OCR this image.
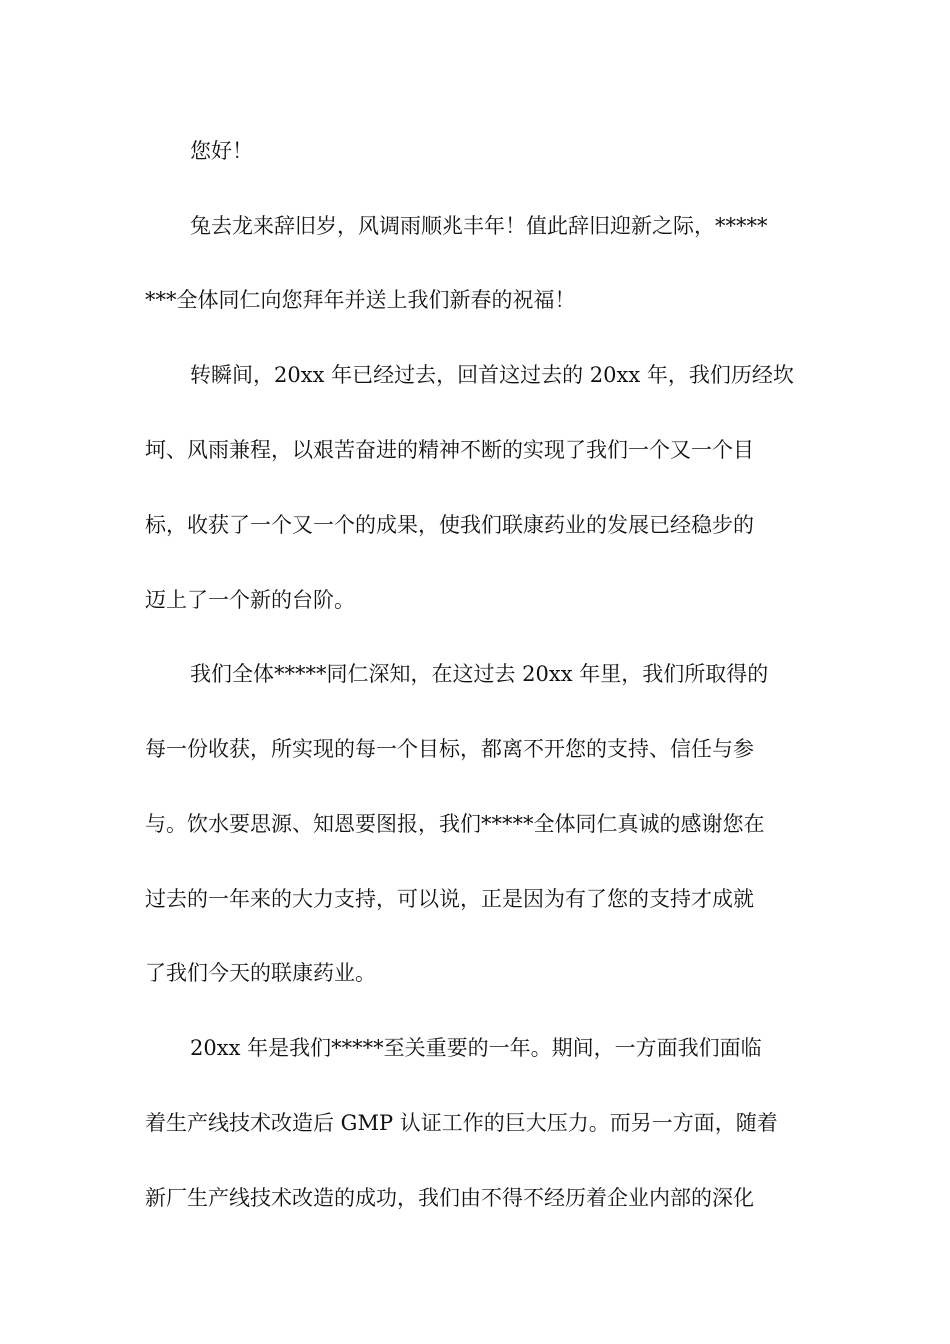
您好！
兔去龙来辞旧岁，风调雨顺兆丰年！值此辞旧迎新之际，*****
***全体同仁向您拜年并送上我们新春的祝福！
转瞬间，20xx 年已经过去，回首这过去的 20xx 年，我们历经坎
坷、风雨兼程，以艰苦奋进的精神不断的实现了我们一个又一个目
标，收获了一个又一个的成果，使我们联康药业的发展已经稳步的
迈上了一个新的台阶。
我们全体*****同仁深知，在这过去 20xx 年里，我们所取得的
每一份收获，所实现的每一个目标，都离不开您的支持、信任与参
与。饮水要思源、知恩要图报，我们*****全体同仁真诚的感谢您在
过去的一年来的大力支持，可以说，正是因为有了您的支持才成就
了我们今天的联康药业。
20xx 年是我们*****至关重要的一年。期间，一方面我们面临
着生产线技术改造后 GMP 认证工作的巨大压力。而另一方面，随着
新厂生产线技术改造的成功，我们由不得不经历着企业内部的深化
